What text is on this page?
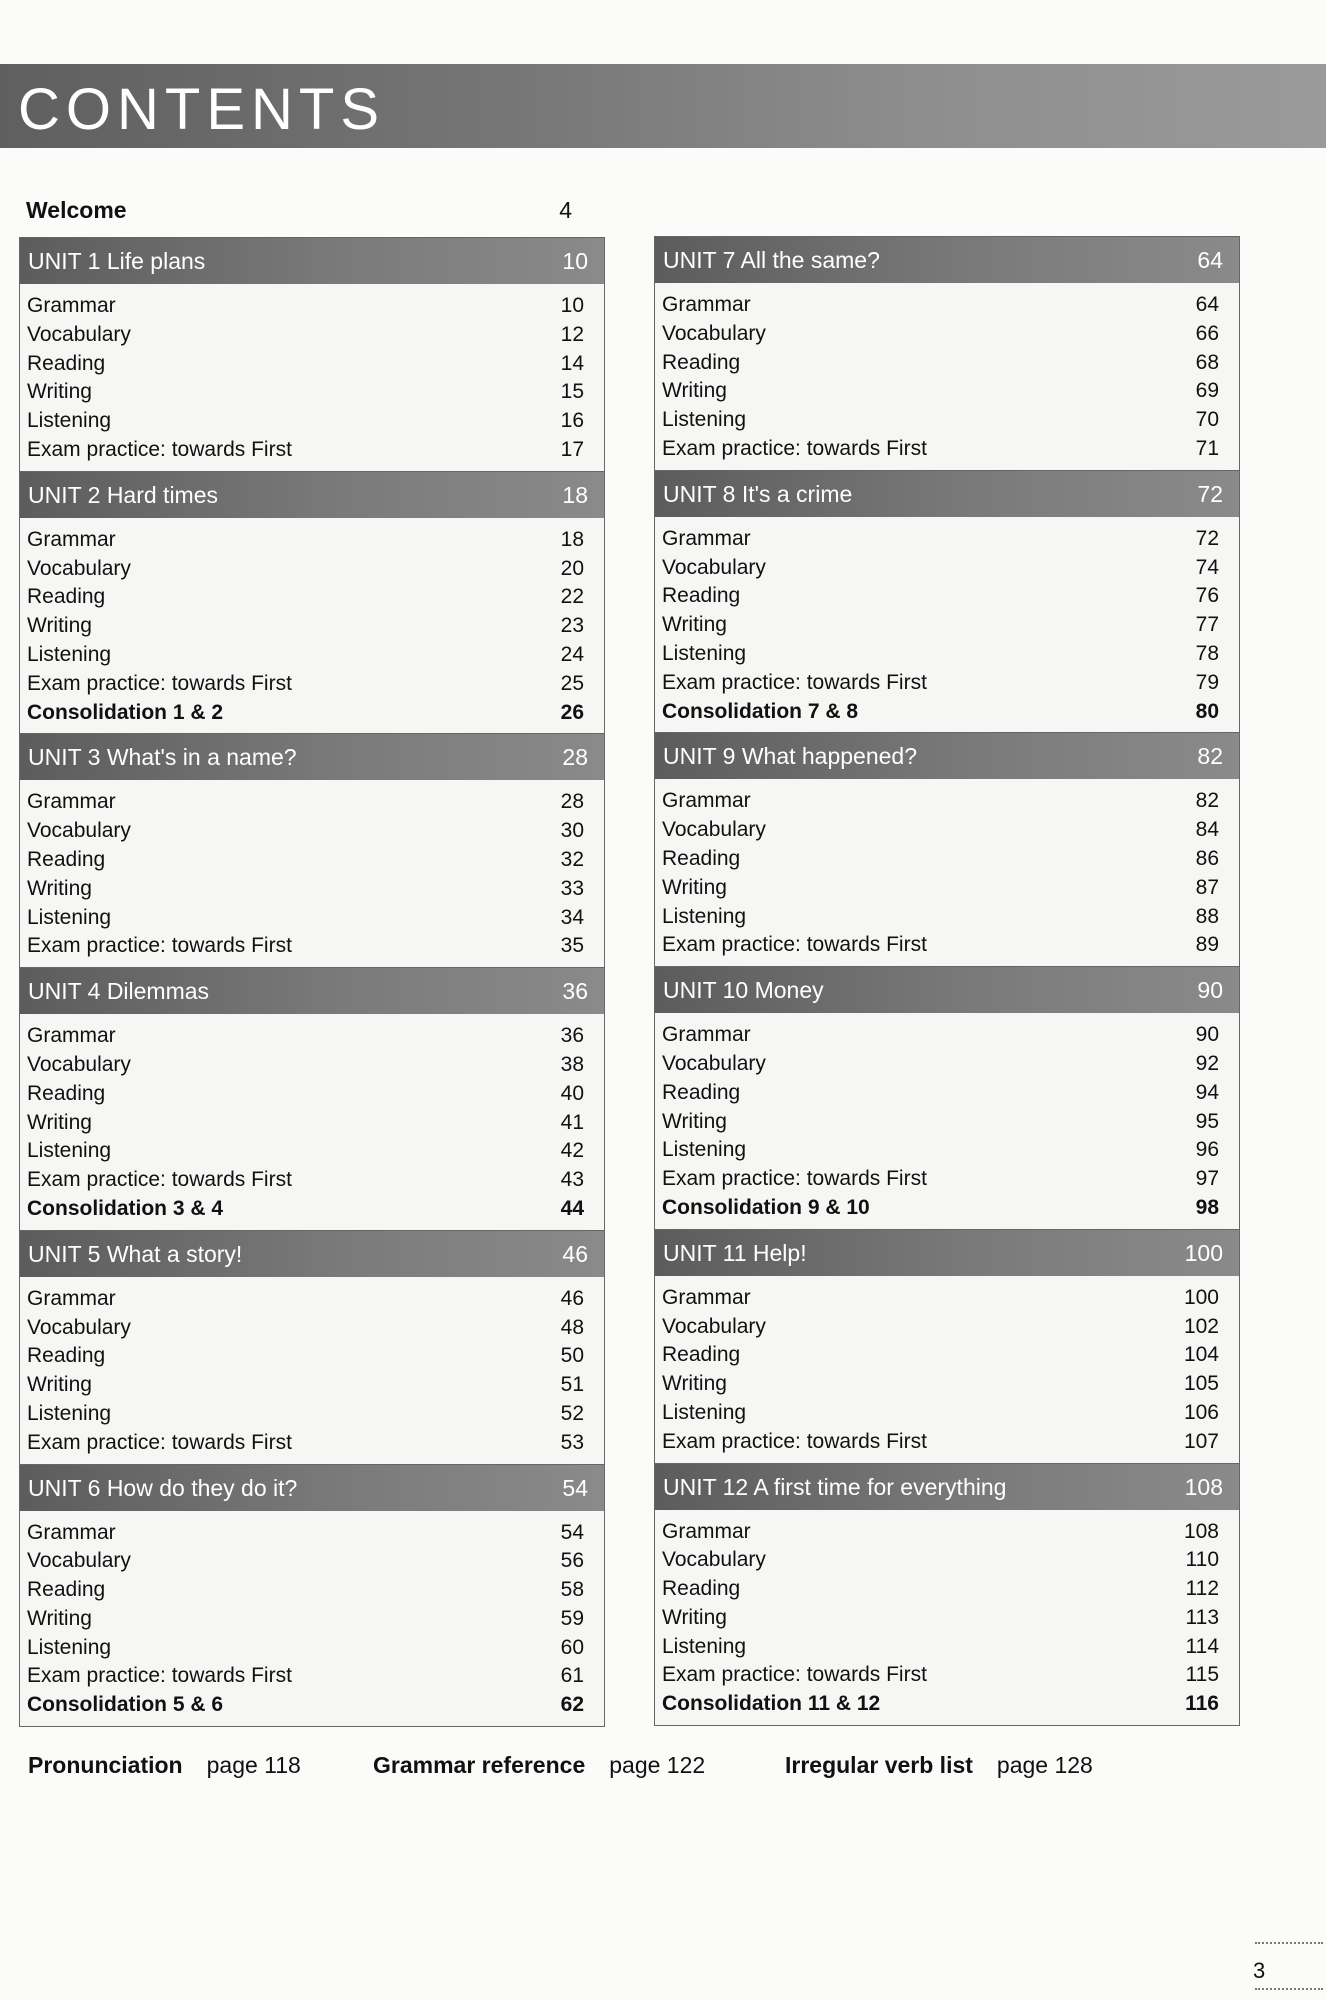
CONTENTS
Welcome	4
UNIT 1 Life plans	10
Grammar	10
Vocabulary	12
Reading	14
Writing	15
Listening	16
Exam practice: towards First	17
UNIT 2 Hard times	18
Grammar	18
Vocabulary	20
Reading	22
Writing	23
Listening	24
Exam practice: towards First	25
Consolidation 1 & 2	26
UNIT 3 What's in a name?	28
Grammar	28
Vocabulary	30
Reading	32
Writing	33
Listening	34
Exam practice: towards First	35
UNIT 4 Dilemmas	36
Grammar	36
Vocabulary	38
Reading	40
Writing	41
Listening	42
Exam practice: towards First	43
Consolidation 3 & 4	44
UNIT 5 What a story!	46
Grammar	46
Vocabulary	48
Reading	50
Writing	51
Listening	52
Exam practice: towards First	53
UNIT 6 How do they do it?	54
Grammar	54
Vocabulary	56
Reading	58
Writing	59
Listening	60
Exam practice: towards First	61
Consolidation 5 & 6	62
UNIT 7 All the same?	64
Grammar	64
Vocabulary	66
Reading	68
Writing	69
Listening	70
Exam practice: towards First	71
UNIT 8 It's a crime	72
Grammar	72
Vocabulary	74
Reading	76
Writing	77
Listening	78
Exam practice: towards First	79
Consolidation 7 & 8	80
UNIT 9 What happened?	82
Grammar	82
Vocabulary	84
Reading	86
Writing	87
Listening	88
Exam practice: towards First	89
UNIT 10 Money	90
Grammar	90
Vocabulary	92
Reading	94
Writing	95
Listening	96
Exam practice: towards First	97
Consolidation 9 & 10	98
UNIT 11 Help!	100
Grammar	100
Vocabulary	102
Reading	104
Writing	105
Listening	106
Exam practice: towards First	107
UNIT 12 A first time for everything	108
Grammar	108
Vocabulary	110
Reading	112
Writing	113
Listening	114
Exam practice: towards First	115
Consolidation 11 & 12	116
Pronunciation page 118	Grammar reference page 122	Irregular verb list page 128
3
